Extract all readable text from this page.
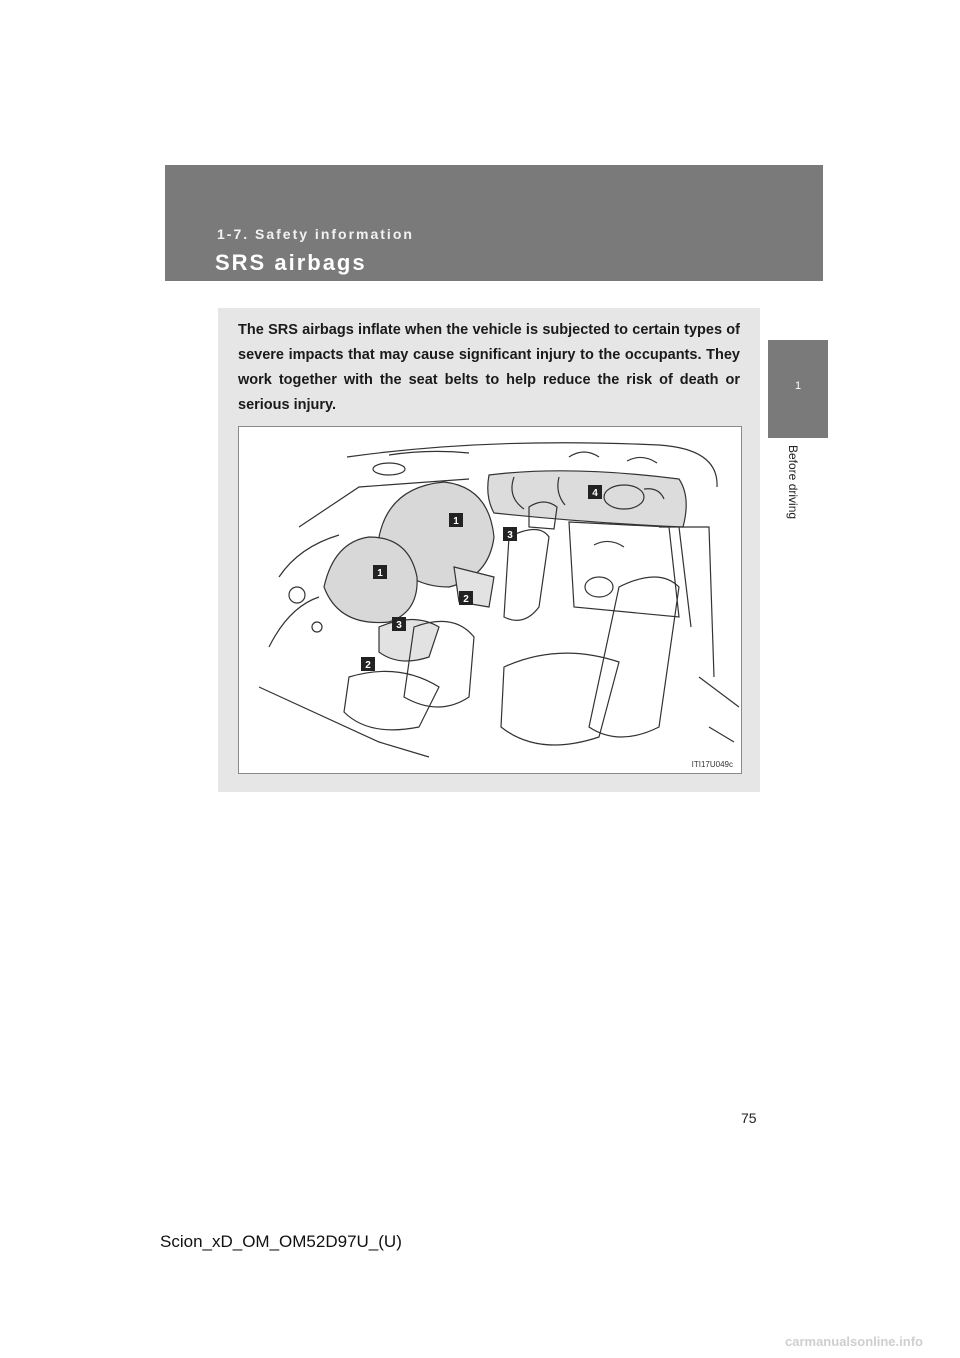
1-7. Safety information
SRS airbags
1
Before driving
The SRS airbags inflate when the vehicle is subjected to certain types of severe impacts that may cause significant injury to the occupants. They work together with the seat belts to help reduce the risk of death or serious injury.
1
3
4
1
2
3
2
ITI17U049c
75
Scion_xD_OM_OM52D97U_(U)
carmanualsonline.info
